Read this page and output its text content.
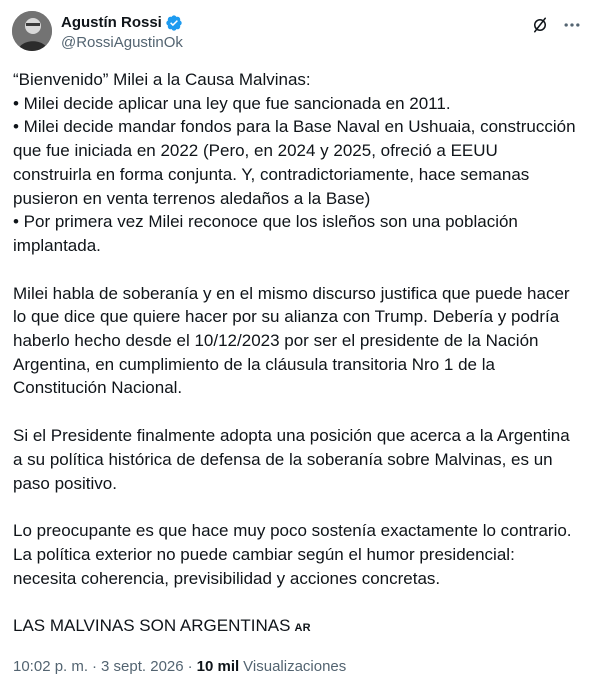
Agustín Rossi
@RossiAgustinOk

“Bienvenido” Milei a la Causa Malvinas:
• Milei decide aplicar una ley que fue sancionada en 2011.
• Milei decide mandar fondos para la Base Naval en Ushuaia, construcción que fue iniciada en 2022 (Pero, en 2024 y 2025, ofreció a EEUU construirla en forma conjunta. Y, contradictoriamente, hace semanas pusieron en venta terrenos aledaños a la Base)
• Por primera vez Milei reconoce que los isleños son una población implantada.

Milei habla de soberanía y en el mismo discurso justifica que puede hacer lo que dice que quiere hacer por su alianza con Trump. Debería y podría haberlo hecho desde el 10/12/2023 por ser el presidente de la Nación Argentina, en cumplimiento de la cláusula transitoria Nro 1 de la Constitución Nacional.

Si el Presidente finalmente adopta una posición que acerca a la Argentina a su política histórica de defensa de la soberanía sobre Malvinas, es un paso positivo.

Lo preocupante es que hace muy poco sostenía exactamente lo contrario. La política exterior no puede cambiar según el humor presidencial: necesita coherencia, previsibilidad y acciones concretas.

LAS MALVINAS SON ARGENTINAS AR

10:02 p. m. · 3 sept. 2026 · 10 mil Visualizaciones
